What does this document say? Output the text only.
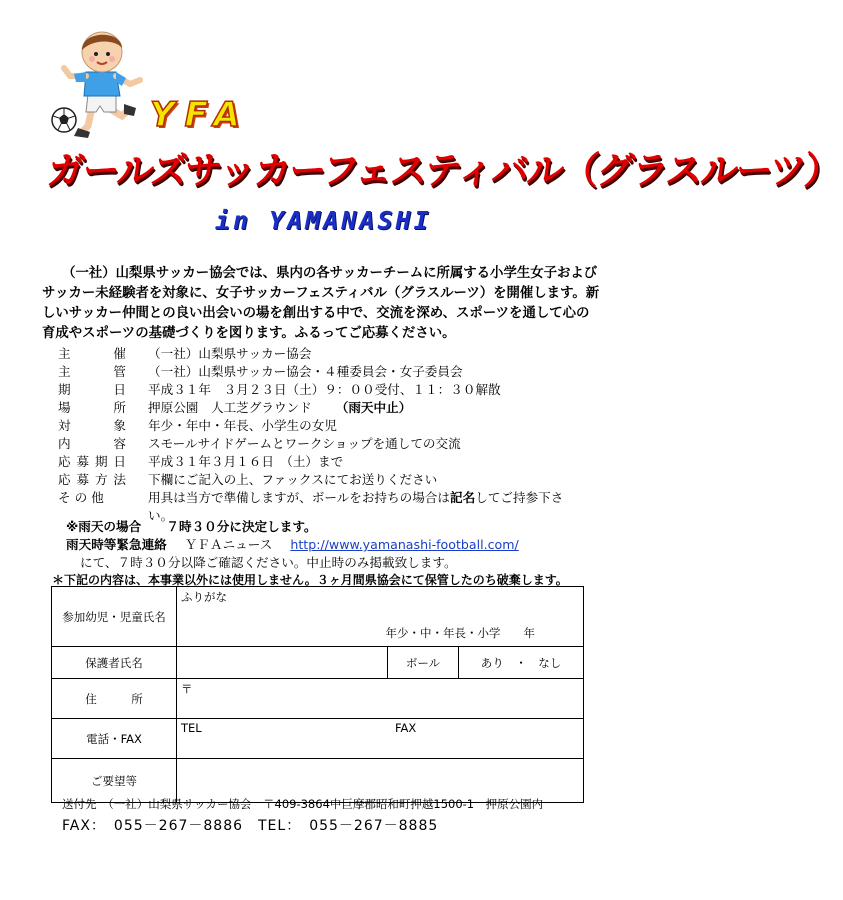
YFA
ガールズサッカーフェスティバル（グラスルーツ）
in YAMANASHI

（一社）山梨県サッカー協会では、県内の各サッカーチームに所属する小学生女子およびサッカー未経験者を対象に、女子サッカーフェスティバル（グラスルーツ）を開催します。新しいサッカー仲間との良い出会いの場を創出する中で、交流を深め、スポーツを通して心の育成やスポーツの基礎づくりを図ります。ふるってご応募ください。

主　　催 （一社）山梨県サッカー協会
主　　管 （一社）山梨県サッカー協会・４種委員会・女子委員会
期　　日 平成３１年　３月２３日（土）９：００受付、１１：３０解散
場　　所 押原公園　人工芝グラウンド （雨天中止）
対　　象 年少・年中・年長、小学生の女児
内　　容 スモールサイドゲームとワークショップを通しての交流
応募期日 平成３１年３月１６日　（土）まで
応募方法 下欄にご記入の上、ファックスにてお送りください
そ の 他	用具は当方で準備しますが、ボールをお持ちの場合は記名してご持参下さ
い。
※雨天の場合　　７時３０分に決定します。
雨天時等緊急連絡 ＹＦＡニュース http://www.yamanashi-football.com/
にて、７時３０分以降ご確認ください。中止時のみ掲載致します。
＊下記の内容は、本事業以外には使用しません。３ヶ月間県協会にて保管したのち破棄します。
参加幼児・児童氏名	ふりがな
年少・中・年長・小学　　年		

保護者氏名		ボール	あり　・　なし
住　　　所	〒		
電話・FAX	TEL FAX		

ご要望等			
送付先　（一社）山梨県サッカー協会　〒409-3864中巨摩郡昭和町押越1500-1　押原公園内
FAX：　055－267－8886　TEL：　055－267－8885
